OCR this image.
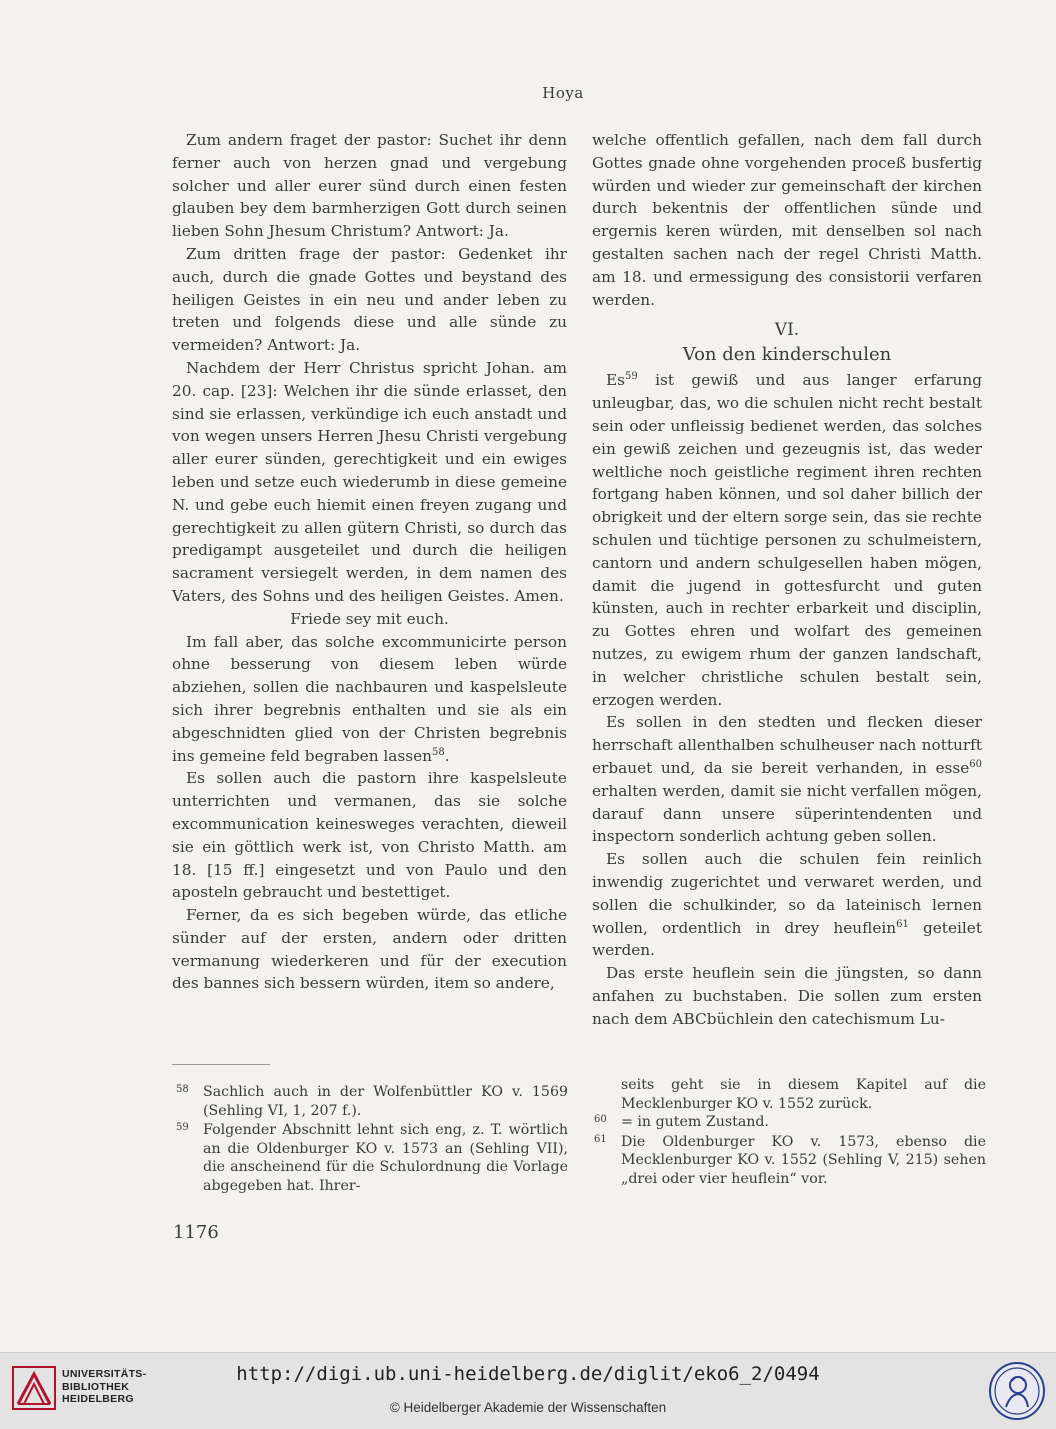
Hoya

Zum andern fraget der pastor: Suchet ihr denn ferner auch von herzen gnad und vergebung solcher und aller eurer sünd durch einen festen glauben bey dem barmherzigen Gott durch seinen lieben Sohn Jhesum Christum? Antwort: Ja.

Zum dritten frage der pastor: Gedenket ihr auch, durch die gnade Gottes und beystand des heiligen Geistes in ein neu und ander leben zu treten und folgends diese und alle sünde zu vermeiden? Antwort: Ja.

Nachdem der Herr Christus spricht Johan. am 20. cap. [23]: Welchen ihr die sünde erlasset, den sind sie erlassen, verkündige ich euch anstadt und von wegen unsers Herren Jhesu Christi vergebung aller eurer sünden, gerechtigkeit und ein ewiges leben und setze euch wiederumb in diese gemeine N. und gebe euch hiemit einen freyen zugang und gerechtigkeit zu allen gütern Christi, so durch das predigampt ausgeteilet und durch die heiligen sacrament versiegelt werden, in dem namen des Vaters, des Sohns und des heiligen Geistes. Amen.

Friede sey mit euch.

Im fall aber, das solche excommunicirte person ohne besserung von diesem leben würde abziehen, sollen die nachbauren und kaspelsleute sich ihrer begrebnis enthalten und sie als ein abgeschnidten glied von der Christen begrebnis ins gemeine feld begraben lassen$^{58}$.

Es sollen auch die pastorn ihre kaspelsleute unterrichten und vermanen, das sie solche excommunication keinesweges verachten, dieweil sie ein göttlich werk ist, von Christo Matth. am 18. [15 ff.] eingesetzt und von Paulo und den aposteln gebraucht und bestettiget.

Ferner, da es sich begeben würde, das etliche sünder auf der ersten, andern oder dritten vermanung wiederkeren und für der execution des bannes sich bessern würden, item so andere,

welche offentlich gefallen, nach dem fall durch Gottes gnade ohne vorgehenden proceß busfertig würden und wieder zur gemeinschaft der kirchen durch bekentnis der offentlichen sünde und ergernis keren würden, mit denselben sol nach gestalten sachen nach der regel Christi Matth. am 18. und ermessigung des consistorii verfaren werden.

VI.
Von den kinderschulen

Es$^{59}$ ist gewiß und aus langer erfarung unleugbar, das, wo die schulen nicht recht bestalt sein oder unfleissig bedienet werden, das solches ein gewiß zeichen und gezeugnis ist, das weder weltliche noch geistliche regiment ihren rechten fortgang haben können, und sol daher billich der obrigkeit und der eltern sorge sein, das sie rechte schulen und tüchtige personen zu schulmeistern, cantorn und andern schulgesellen haben mögen, damit die jugend in gottesfurcht und guten künsten, auch in rechter erbarkeit und disciplin, zu Gottes ehren und wolfart des gemeinen nutzes, zu ewigem rhum der ganzen landschaft, in welcher christliche schulen bestalt sein, erzogen werden.

Es sollen in den stedten und flecken dieser herrschaft allenthalben schulheuser nach notturft erbauet und, da sie bereit verhanden, in esse$^{60}$ erhalten werden, damit sie nicht verfallen mögen, darauf dann unsere süperintendenten und inspectorn sonderlich achtung geben sollen.

Es sollen auch die schulen fein reinlich inwendig zugerichtet und verwaret werden, und sollen die schulkinder, so da lateinisch lernen wollen, ordentlich in drey heuflein$^{61}$ geteilet werden.

Das erste heuflein sein die jüngsten, so dann anfahen zu buchstaben. Die sollen zum ersten nach dem ABCbüchlein den catechismum Lu-

58 Sachlich auch in der Wolfenbüttler KO v. 1569 (Sehling VI, 1, 207 f.).
59 Folgender Abschnitt lehnt sich eng, z. T. wörtlich an die Oldenburger KO v. 1573 an (Sehling VII), die anscheinend für die Schulordnung die Vorlage abgegeben hat. Ihrer-
seits geht sie in diesem Kapitel auf die Mecklenburger KO v. 1552 zurück.
60 = in gutem Zustand.
61 Die Oldenburger KO v. 1573, ebenso die Mecklenburger KO v. 1552 (Sehling V, 215) sehen „drei oder vier heuflein“ vor.
1176
UNIVERSITÄTS-
BIBLIOTHEK
HEIDELBERG
http://digi.ub.uni-heidelberg.de/diglit/eko6_2/0494
© Heidelberger Akademie der Wissenschaften
